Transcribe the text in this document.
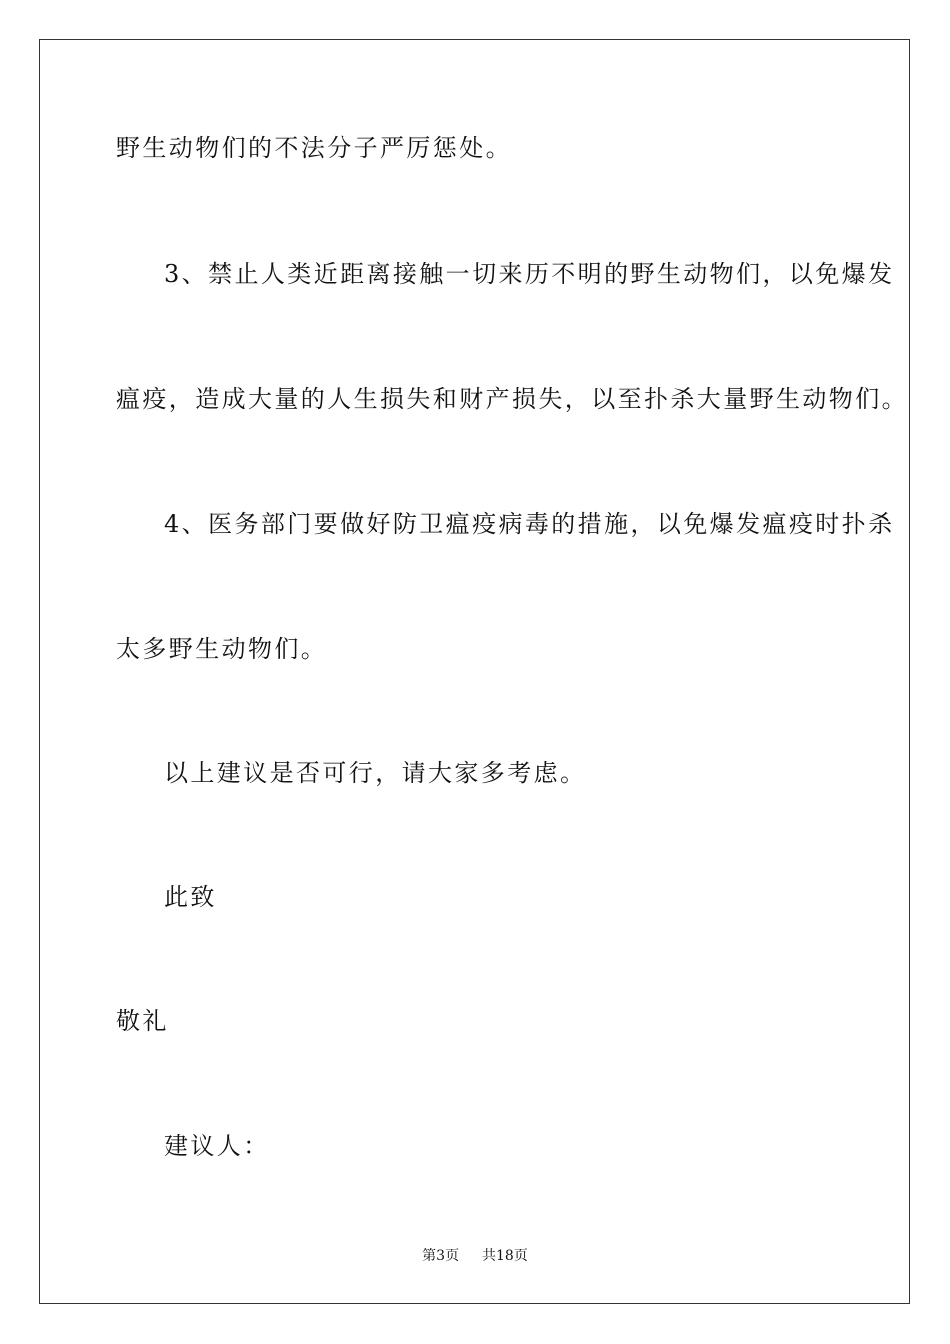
野生动物们的不法分子严厉惩处。
3、禁止人类近距离接触一切来历不明的野生动物们，以免爆发
瘟疫，造成大量的人生损失和财产损失，以至扑杀大量野生动物们。
4、医务部门要做好防卫瘟疫病毒的措施，以免爆发瘟疫时扑杀
太多野生动物们。
以上建议是否可行，请大家多考虑。
此致
敬礼
建议人：
第3页 共18页
